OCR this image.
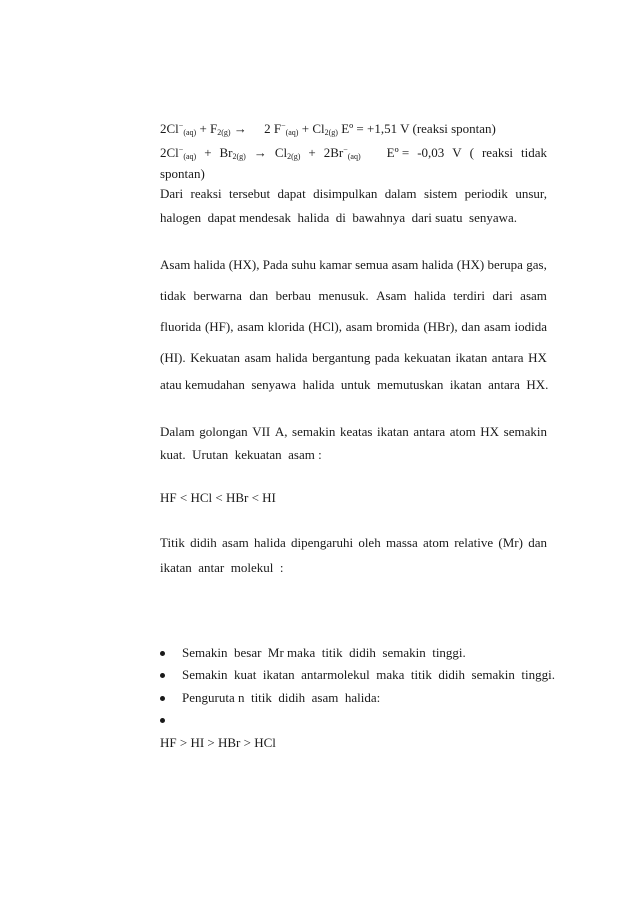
$2Cl^-_{(aq)} + F_{2(g)} \to 2$ $F^-_{(aq)} + Cl_{2(g)}$ Eº = +1,51 V (reaksi spontan)
$2Cl^-_{(aq)} + Br_{2(g)} \to Cl_{2(g)} + 2Br^-_{(aq)}$ Eº = -0,03 V ( reaksi tidak
spontan)
Dari reaksi tersebut dapat disimpulkan dalam sistem periodik unsur,
halogen  dapat mendesak  halida  di  bawahnya  dari suatu  senyawa.
Asam halida (HX), Pada suhu kamar semua asam halida (HX) berupa gas,
tidak berwarna dan berbau menusuk. Asam halida terdiri dari asam
fluorida (HF), asam klorida (HCl), asam bromida (HBr), dan asam iodida
(HI). Kekuatan asam halida bergantung pada kekuatan ikatan antara HX
atau kemudahan  senyawa  halida  untuk  memutuskan  ikatan  antara  HX.
Dalam golongan VII A, semakin keatas ikatan antara atom HX semakin
kuat.  Urutan  kekuatan  asam :
HF < HCl < HBr < HI
Titik didih asam halida dipengaruhi oleh massa atom relative (Mr) dan
ikatan  antar  molekul  :
Semakin  besar  Mr maka  titik  didih  semakin  tinggi.
Semakin  kuat  ikatan  antarmolekul  maka  titik  didih  semakin  tinggi.
Penguruta n  titik  didih  asam  halida:
HF > HI > HBr > HCl
